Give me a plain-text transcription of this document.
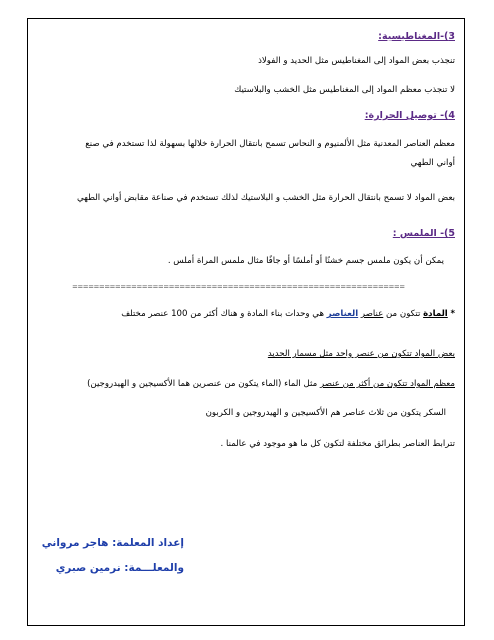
3)-المغناطيسية:
تنجذب بعض المواد إلى المغناطيس مثل الحديد و الفولاذ
لا تنجذب معظم المواد إلى المغناطيس مثل الخشب والبلاستيك
4)- توصيل الحرارة:
معظم العناصر المعدنية مثل الألمنيوم و النحاس تسمح بانتقال الحرارة خلالها بسهولة لذا تستخدم في صنع
أواني الطهي
بعض المواد لا تسمح بانتقال الحرارة مثل الخشب و البلاستيك لذلك تستخدم في صناعة مقابض أواني الطهي
5)- الملمس :
يمكن أن يكون ملمس جسم خشنًا أو أملسًا أو جافًا مثال ملمس المراة أملس .
==============================================================
* المادة تتكون من عناصر العناصر هي وحدات بناء المادة و هناك أكثر من 100 عنصر مختلف
بعض المواد تتكون من عنصر واحد مثل مسمار الحديد
معظم المواد تتكون من أكثر من عنصر مثل الماء (الماء يتكون من عنصرين هما الأكسيجين و الهيدروجين)
السكر يتكون من ثلاث عناصر هم الأكسيجين و الهيدروجين و الكربون
تترابط العناصر بطرائق مختلفة لتكون كل ما هو موجود في عالمنا .
إعداد المعلمة: هاجر مرواني
والمعلـــمة: نرمين صبري
